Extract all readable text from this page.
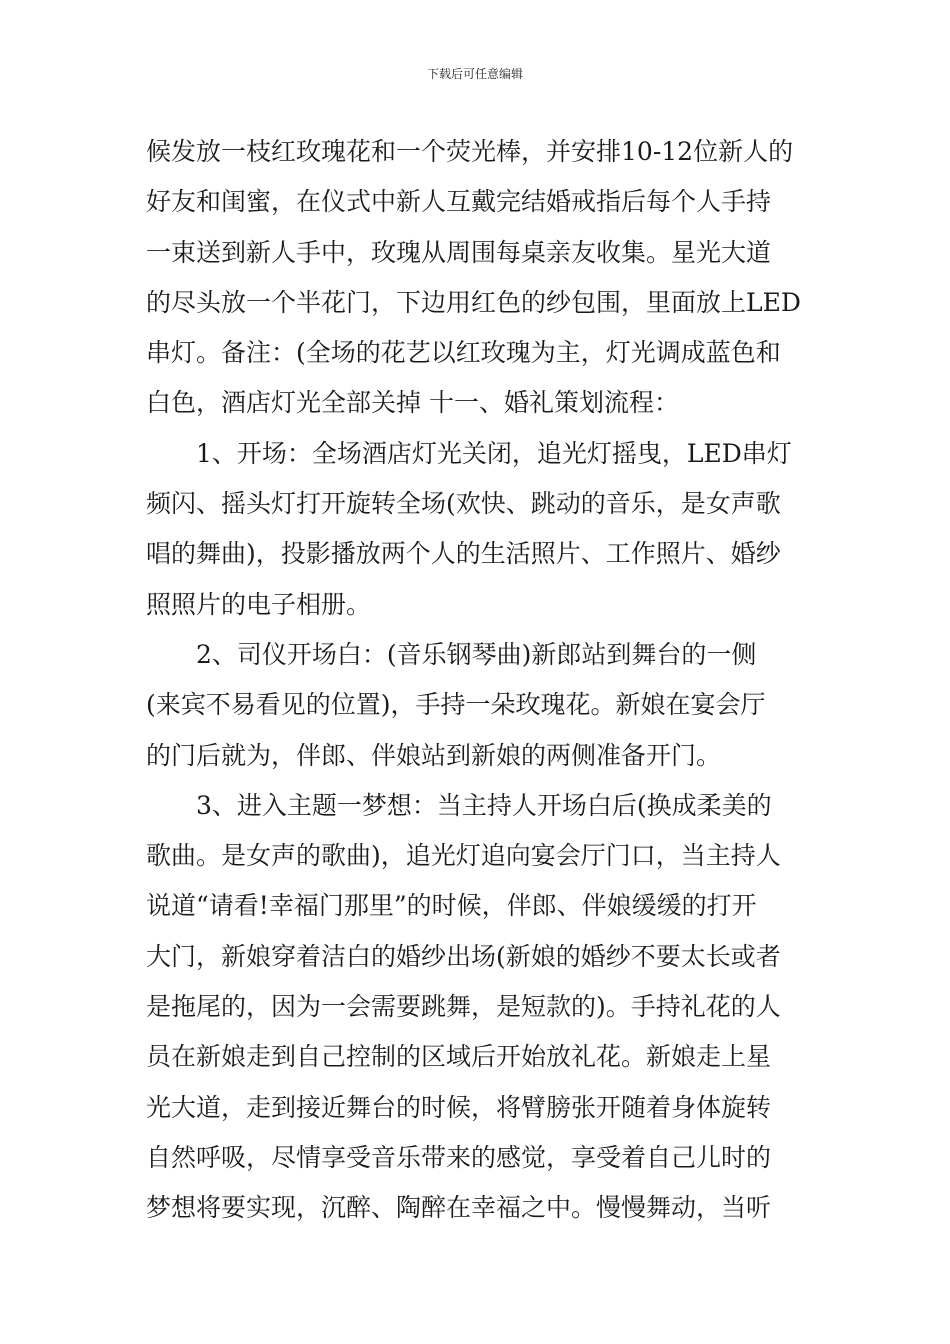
下载后可任意编辑
候发放一枝红玫瑰花和一个荧光棒，并安排10-12位新人的
好友和闺蜜，在仪式中新人互戴完结婚戒指后每个人手持
一束送到新人手中，玫瑰从周围每桌亲友收集。星光大道
的尽头放一个半花门，下边用红色的纱包围，里面放上LED
串灯。备注：(全场的花艺以红玫瑰为主，灯光调成蓝色和
白色，酒店灯光全部关掉 十一、婚礼策划流程：
1、开场：全场酒店灯光关闭，追光灯摇曳，LED串灯
频闪、摇头灯打开旋转全场(欢快、跳动的音乐，是女声歌
唱的舞曲)，投影播放两个人的生活照片、工作照片、婚纱
照照片的电子相册。
2、司仪开场白：(音乐钢琴曲)新郎站到舞台的一侧
(来宾不易看见的位置)，手持一朵玫瑰花。新娘在宴会厅
的门后就为，伴郎、伴娘站到新娘的两侧准备开门。
3、进入主题一梦想：当主持人开场白后(换成柔美的
歌曲。是女声的歌曲)，追光灯追向宴会厅门口，当主持人
说道“请看!幸福门那里”的时候，伴郎、伴娘缓缓的打开
大门，新娘穿着洁白的婚纱出场(新娘的婚纱不要太长或者
是拖尾的，因为一会需要跳舞，是短款的)。手持礼花的人
员在新娘走到自己控制的区域后开始放礼花。新娘走上星
光大道，走到接近舞台的时候，将臂膀张开随着身体旋转
自然呼吸，尽情享受音乐带来的感觉，享受着自己儿时的
梦想将要实现，沉醉、陶醉在幸福之中。慢慢舞动，当听
